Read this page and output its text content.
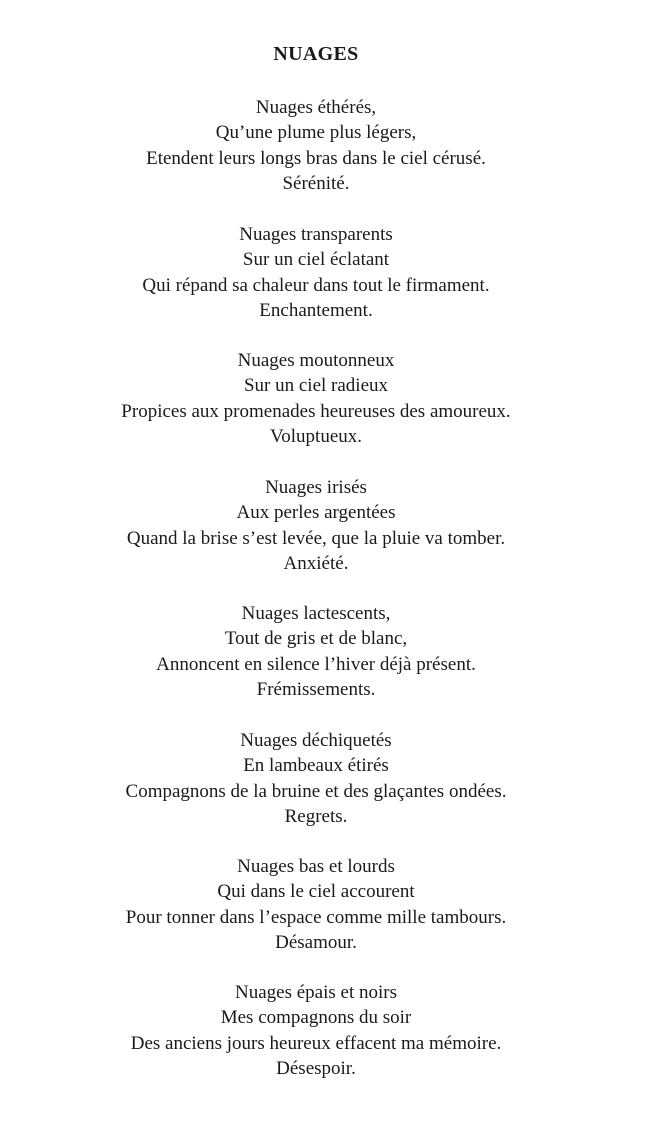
NUAGES
Nuages éthérés,
Qu’une plume plus légers,
Etendent leurs longs bras dans le ciel cérusé.
Sérénité.
Nuages transparents
Sur un ciel éclatant
Qui répand sa chaleur dans tout le firmament.
Enchantement.
Nuages moutonneux
Sur un ciel radieux
Propices aux promenades heureuses des amoureux.
Voluptueux.
Nuages irisés
Aux perles argentées
Quand la brise s’est levée, que la pluie va tomber.
Anxiété.
Nuages lactescents,
Tout de gris et de blanc,
Annoncent en silence l’hiver déjà présent.
Frémissements.
Nuages déchiquetés
En lambeaux étirés
Compagnons de la bruine et des glaçantes ondées.
Regrets.
Nuages bas et lourds
Qui dans le ciel accourent
Pour tonner dans l’espace comme mille tambours.
Désamour.
Nuages épais et noirs
Mes compagnons du soir
Des anciens jours heureux effacent ma mémoire.
Désespoir.
